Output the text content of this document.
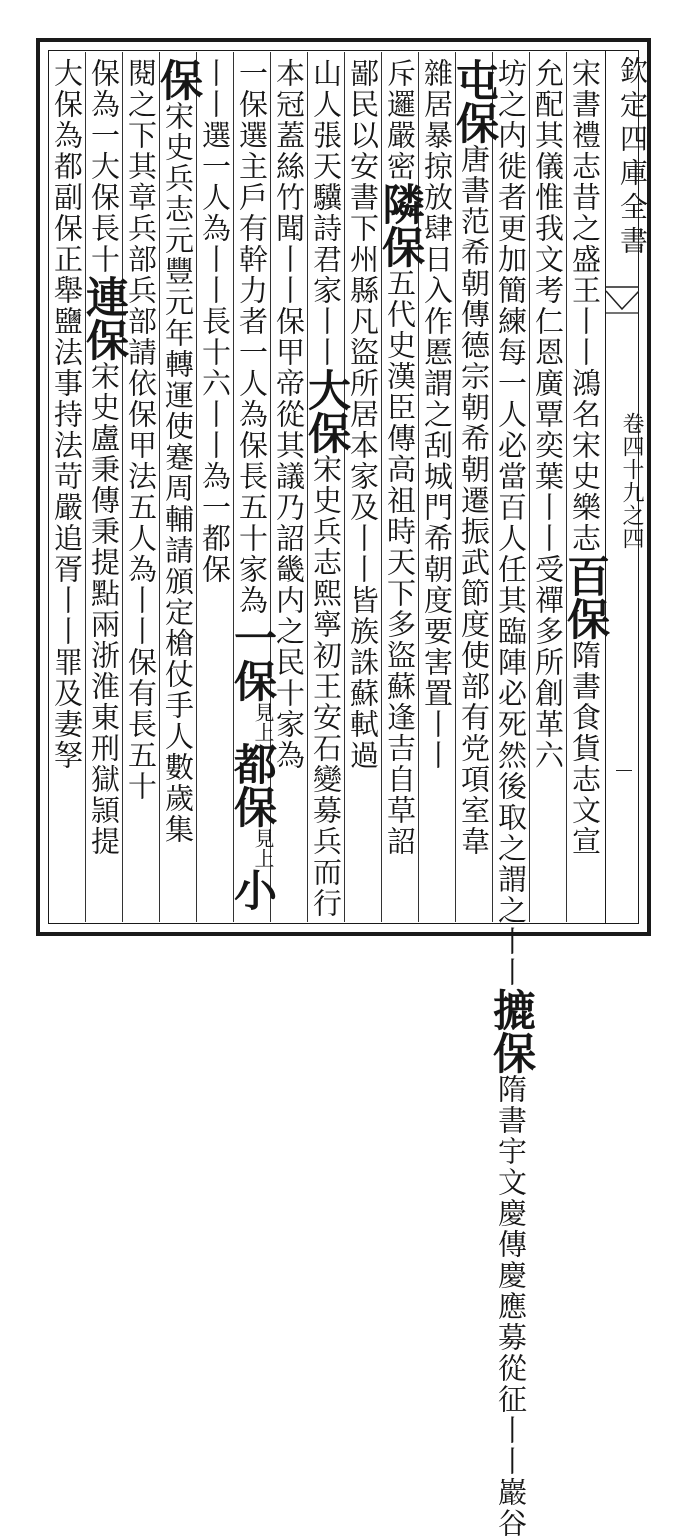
欽定四庫全書
卷四十九之四
宋書禮志昔之盛王丨丨鴻名宋史樂志百保隋書食貨志文宣
允配其儀惟我文考仁恩廣覃奕葉丨丨受禪多所創革六
坊之内徙者更加簡練每一人必當百人任其臨陣必死然後取之謂之丨丨摝保隋書宇文慶傳慶應募從征丨丨巖谷
屯保唐書范希朝傳德宗朝希朝遷振武節度使部有党項室韋
雜居暴掠放肆日入作慝謂之刮城門希朝度要害置丨丨
斥邏嚴密隣保五代史漢臣傳高祖時天下多盜蘇逢吉自草詔
鄙民以安書下州縣凡盜所居本家及丨丨皆族誅蘇軾過
山人張天驥詩君家丨丨大保宋史兵志熙寧初王安石變募兵而行
本冠蓋絲竹聞丨丨保甲帝從其議乃詔畿内之民十家為
一保選主戶有幹力者一人為保長五十家為一保見上都保見上小
丨丨選一人為丨丨長十六丨丨為一都保
保宋史兵志元豐元年轉運使蹇周輔請頒定槍仗手人數歲集
閱之下其章兵部兵部請依保甲法五人為丨丨保有長五十
保為一大保長十連保宋史盧秉傳秉提點兩浙淮東刑獄頴提
大保為都副保正舉鹽法事持法苛嚴追胥丨丨罪及妻孥
